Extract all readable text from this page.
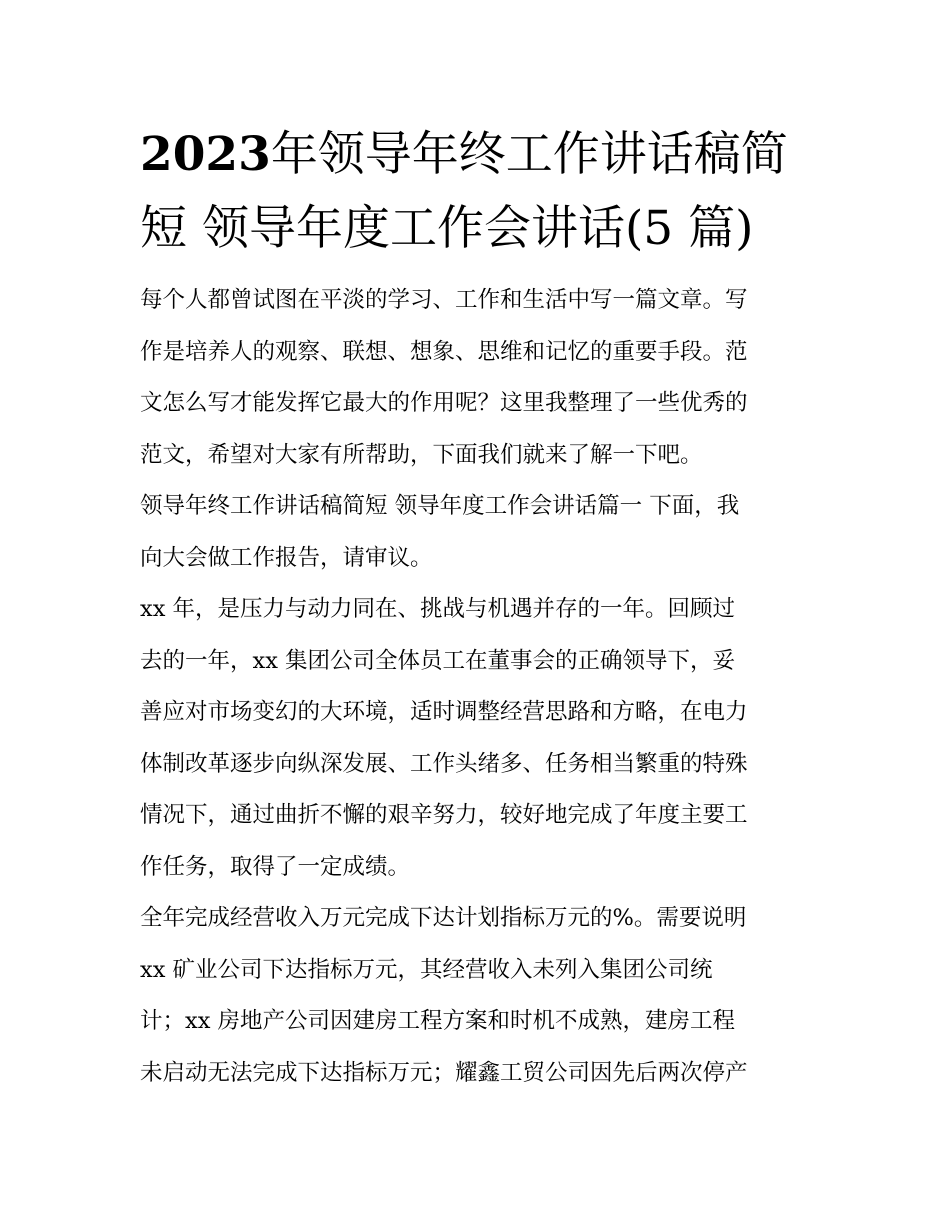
2023年领导年终工作讲话稿简
短 领导年度工作会讲话(5 篇)
每个人都曾试图在平淡的学习、工作和生活中写一篇文章。写
作是培养人的观察、联想、想象、思维和记忆的重要手段。范
文怎么写才能发挥它最大的作用呢？这里我整理了一些优秀的
范文，希望对大家有所帮助，下面我们就来了解一下吧。
领导年终工作讲话稿简短 领导年度工作会讲话篇一 下面，我
向大会做工作报告，请审议。
xx 年，是压力与动力同在、挑战与机遇并存的一年。回顾过
去的一年，xx 集团公司全体员工在董事会的正确领导下，妥
善应对市场变幻的大环境，适时调整经营思路和方略，在电力
体制改革逐步向纵深发展、工作头绪多、任务相当繁重的特殊
情况下，通过曲折不懈的艰辛努力，较好地完成了年度主要工
作任务，取得了一定成绩。
全年完成经营收入万元完成下达计划指标万元的%。需要说明
xx 矿业公司下达指标万元，其经营收入未列入集团公司统
计；xx 房地产公司因建房工程方案和时机不成熟，建房工程
未启动无法完成下达指标万元；耀鑫工贸公司因先后两次停产
